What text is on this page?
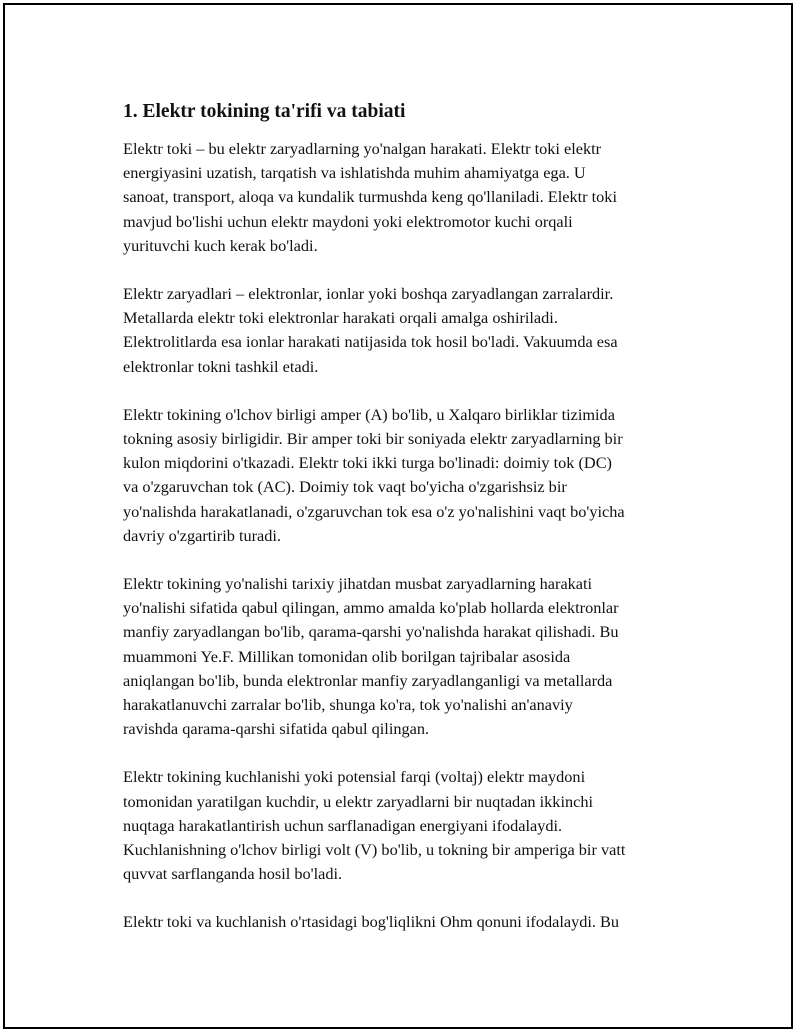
1. Elektr tokining ta'rifi va tabiati

Elektr toki – bu elektr zaryadlarning yo'nalgan harakati. Elektr toki elektr
energiyasini uzatish, tarqatish va ishlatishda muhim ahamiyatga ega. U
sanoat, transport, aloqa va kundalik turmushda keng qo'llaniladi. Elektr toki
mavjud bo'lishi uchun elektr maydoni yoki elektromotor kuchi orqali
yurituvchi kuch kerak bo'ladi.

Elektr zaryadlari – elektronlar, ionlar yoki boshqa zaryadlangan zarralardir.
Metallarda elektr toki elektronlar harakati orqali amalga oshiriladi.
Elektrolitlarda esa ionlar harakati natijasida tok hosil bo'ladi. Vakuumda esa
elektronlar tokni tashkil etadi.

Elektr tokining o'lchov birligi amper (A) bo'lib, u Xalqaro birliklar tizimida
tokning asosiy birligidir. Bir amper toki bir soniyada elektr zaryadlarning bir
kulon miqdorini o'tkazadi. Elektr toki ikki turga bo'linadi: doimiy tok (DC)
va o'zgaruvchan tok (AC). Doimiy tok vaqt bo'yicha o'zgarishsiz bir
yo'nalishda harakatlanadi, o'zgaruvchan tok esa o'z yo'nalishini vaqt bo'yicha
davriy o'zgartirib turadi.

Elektr tokining yo'nalishi tarixiy jihatdan musbat zaryadlarning harakati
yo'nalishi sifatida qabul qilingan, ammo amalda ko'plab hollarda elektronlar
manfiy zaryadlangan bo'lib, qarama-qarshi yo'nalishda harakat qilishadi. Bu
muammoni Ye.F. Millikan tomonidan olib borilgan tajribalar asosida
aniqlangan bo'lib, bunda elektronlar manfiy zaryadlanganligi va metallarda
harakatlanuvchi zarralar bo'lib, shunga ko'ra, tok yo'nalishi an'anaviy
ravishda qarama-qarshi sifatida qabul qilingan.

Elektr tokining kuchlanishi yoki potensial farqi (voltaj) elektr maydoni
tomonidan yaratilgan kuchdir, u elektr zaryadlarni bir nuqtadan ikkinchi
nuqtaga harakatlantirish uchun sarflanadigan energiyani ifodalaydi.
Kuchlanishning o'lchov birligi volt (V) bo'lib, u tokning bir amperiga bir vatt
quvvat sarflanganda hosil bo'ladi.

Elektr toki va kuchlanish o'rtasidagi bog'liqlikni Ohm qonuni ifodalaydi. Bu
